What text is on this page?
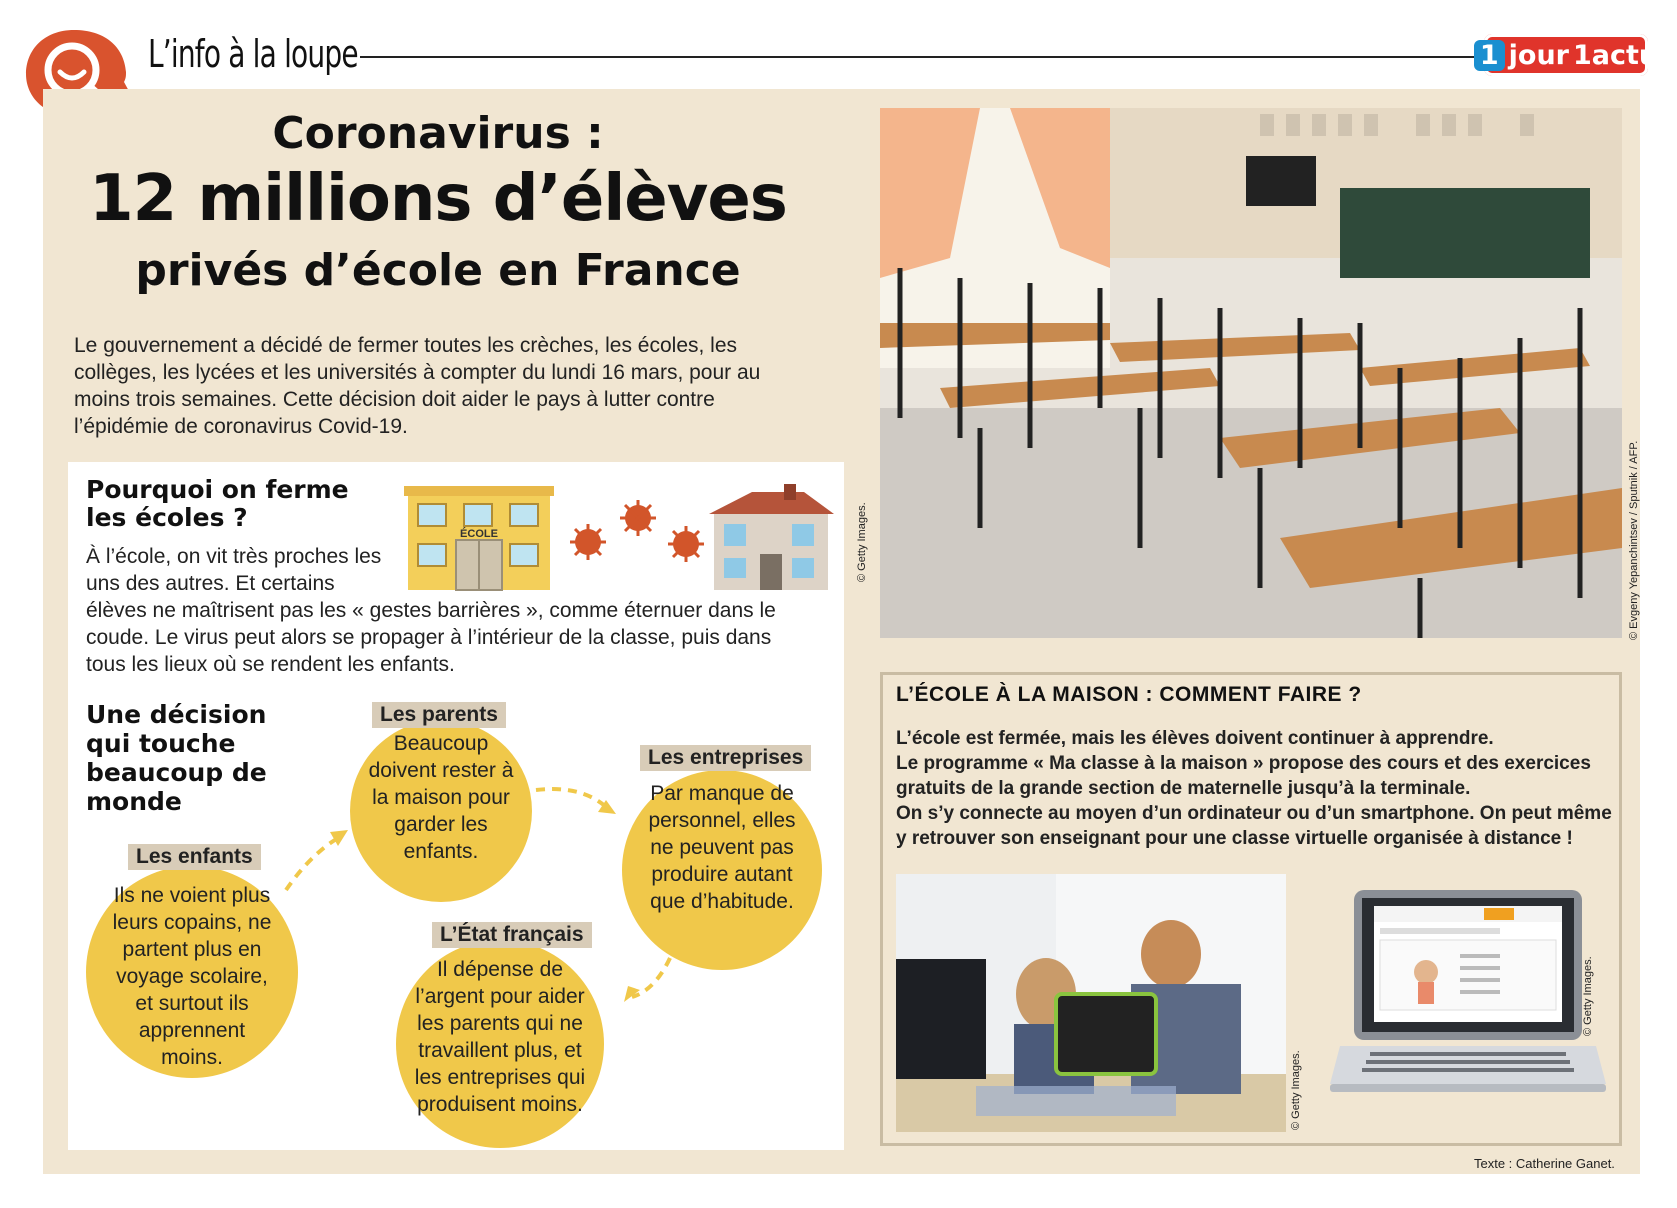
L’info à la loupe	1 jour 1 actu
Coronavirus :
12 millions d’élèves
privés d’école en France
Le gouvernement a décidé de fermer toutes les crèches, les écoles, les collèges, les lycées et les universités à compter du lundi 16 mars, pour au moins trois semaines. Cette décision doit aider le pays à lutter contre l’épidémie de coronavirus Covid-19.
Pourquoi on ferme les écoles ?
ÉCOLE	© Getty Images.
À l’école, on vit très proches les uns des autres. Et certains
élèves ne maîtrisent pas les « gestes barrières », comme éternuer dans le coude. Le virus peut alors se propager à l’intérieur de la classe, puis dans tous les lieux où se rendent les enfants.
Une décision qui touche beaucoup de monde
Ils ne voient plus leurs copains, ne partent plus en voyage scolaire, et surtout ils apprennent moins.
Les enfants
Beaucoup doivent rester à la maison pour garder les enfants.
Les parents
Par manque de personnel, elles ne peuvent pas produire autant que d’habitude.
Les entreprises
Il dépense de l’argent pour aider les parents qui ne travaillent plus, et les entreprises qui produisent moins.
L’État français
© Evgeny Yepanchintsev / Sputnik / AFP.
L’ÉCOLE À LA MAISON : COMMENT FAIRE ?
L’école est fermée, mais les élèves doivent continuer à apprendre.
Le programme « Ma classe à la maison » propose des cours et des exercices gratuits de la grande section de maternelle jusqu’à la terminale.
On s’y connecte au moyen d’un ordinateur ou d’un smartphone. On peut même y retrouver son enseignant pour une classe virtuelle organisée à distance !
© Getty Images.
© Getty Images.
Texte : Catherine Ganet.
